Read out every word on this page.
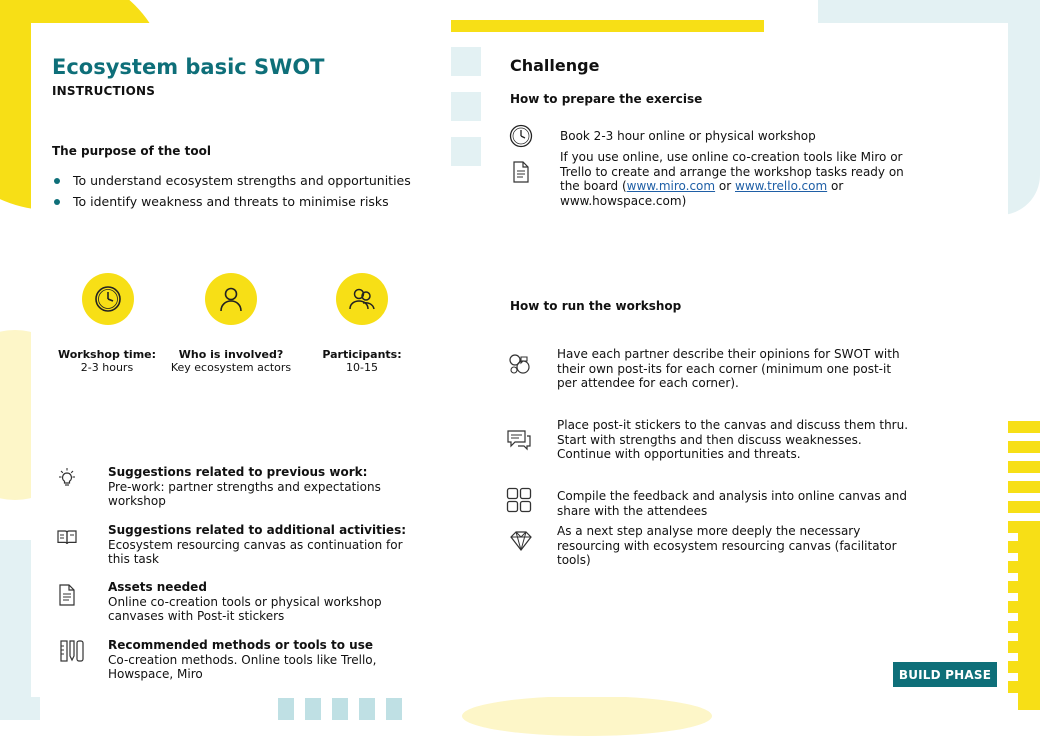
Ecosystem basic SWOT
INSTRUCTIONS
The purpose of the tool
To understand ecosystem strengths and opportunities
To identify weakness and threats to minimise risks
Workshop time:
2-3 hours
Who is involved?
Key ecosystem actors
Participants:
10-15
Suggestions related to previous work:
Pre-work: partner strengths and expectations workshop
Suggestions related to additional activities:
Ecosystem resourcing canvas as continuation for this task
Assets needed
Online co-creation tools or physical workshop canvases with Post-it stickers
Recommended methods or tools to use
Co-creation methods. Online tools like Trello, Howspace, Miro
Challenge
How to prepare the exercise
Book 2-3 hour online or physical workshop
If you use online, use online co-creation tools like Miro or Trello to create and arrange the workshop tasks ready on the board (www.miro.com or www.trello.com or www.howspace.com)
How to run the workshop
Have each partner describe their opinions for SWOT with their own post-its for each corner (minimum one post-it per attendee for each corner).
Place post-it stickers to the canvas and discuss them thru. Start with strengths and then discuss weaknesses. Continue with opportunities and threats.
Compile the feedback and analysis into online canvas and share with the attendees
As a next step analyse more deeply the necessary resourcing with ecosystem resourcing canvas (facilitator tools)
BUILD PHASE
